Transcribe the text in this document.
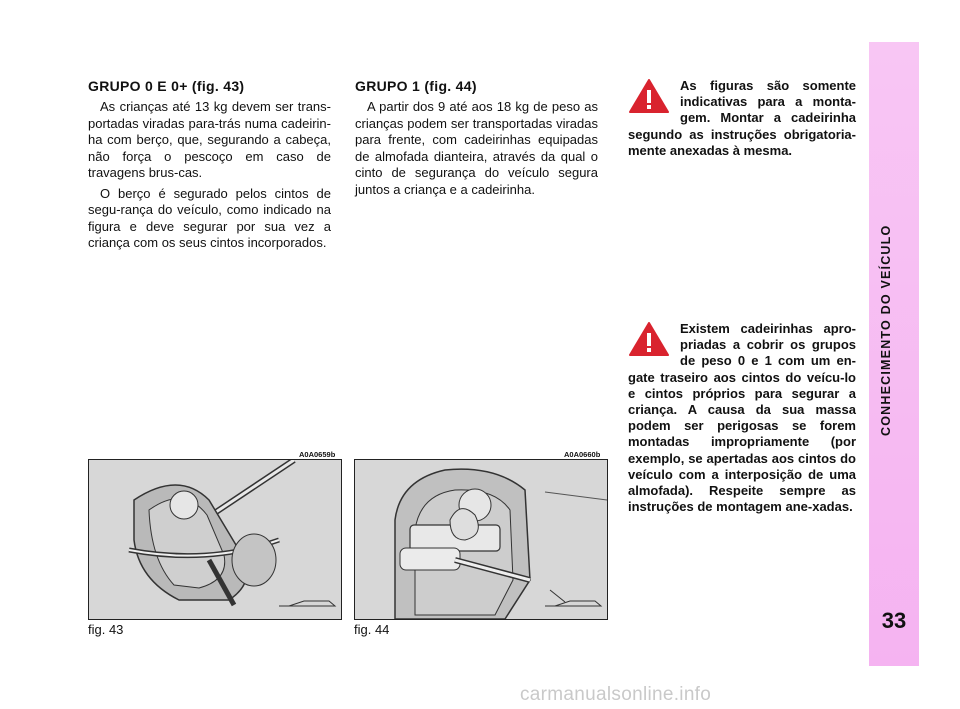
GRUPO 0 E 0+ (fig. 43)

As crianças até 13 kg devem ser trans-portadas viradas para-trás numa cadeirin-ha com berço, que, segurando a cabeça, não força o pescoço em caso de travagens brus-cas.

O berço é segurado pelos cintos de segu-rança do veículo, como indicado na figura e deve segurar por sua vez a criança com os seus cintos incorporados.

GRUPO 1 (fig. 44)

A partir dos 9 até aos 18 kg de peso as crianças podem ser transportadas viradas para frente, com cadeirinhas equipadas de almofada dianteira, através da qual o cinto de segurança do veículo segura juntos a criança e a cadeirinha.

As figuras são somente indicativas para a monta-gem. Montar a cadeirinha segundo as instruções obrigatoria-mente anexadas à mesma.
Existem cadeirinhas apro-priadas a cobrir os grupos de peso 0 e 1 com um en-gate traseiro aos cintos do veícu-lo e cintos próprios para segurar a criança. A causa da sua massa podem ser perigosas se forem montadas impropriamente (por exemplo, se apertadas aos cintos do veículo com a interposição de uma almofada). Respeite sempre as instruções de montagem ane-xadas.
A0A0659b
fig. 43
A0A0660b
fig. 44
CONHECIMENTO DO VEÍCULO
33
carmanualsonline.info
